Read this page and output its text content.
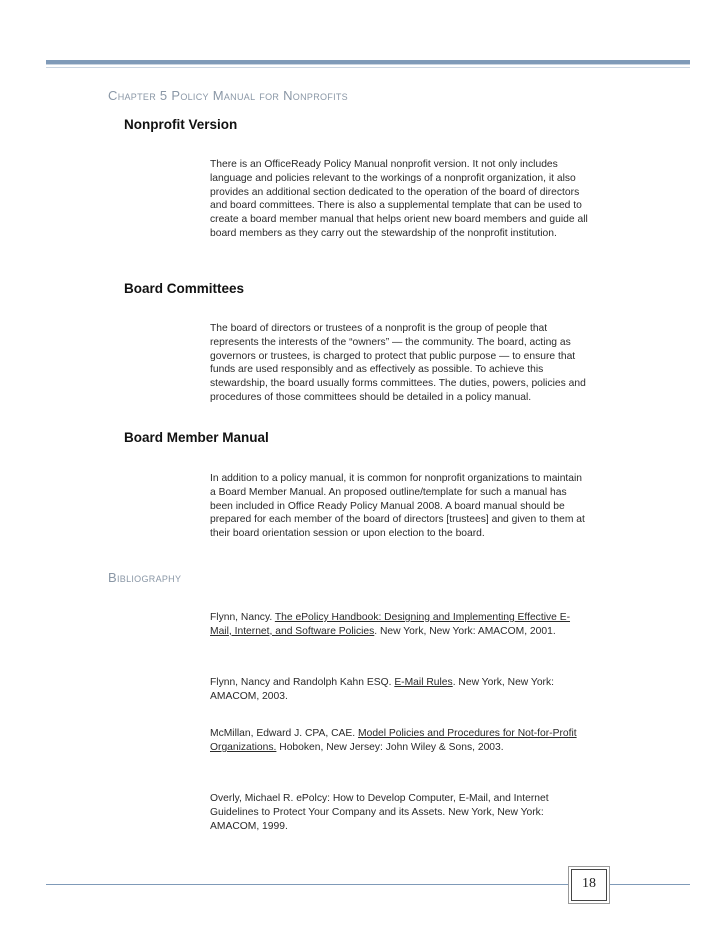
Chapter 5 Policy Manual for Nonprofits
Nonprofit Version
There is an OfficeReady Policy Manual nonprofit version. It not only includes language and policies relevant to the workings of a nonprofit organization, it also provides an additional section dedicated to the operation of the board of directors and board committees. There is also a supplemental template that can be used to create a board member manual that helps orient new board members and guide all board members as they carry out the stewardship of the nonprofit institution.
Board Committees
The board of directors or trustees of a nonprofit is the group of people that represents the interests of the “owners” — the community. The board, acting as governors or trustees, is charged to protect that public purpose — to ensure that funds are used responsibly and as effectively as possible. To achieve this stewardship, the board usually forms committees. The duties, powers, policies and procedures of those committees should be detailed in a policy manual.
Board Member Manual
In addition to a policy manual, it is common for nonprofit organizations to maintain a Board Member Manual. An proposed outline/template for such a manual has been included in Office Ready Policy Manual 2008. A board manual should be prepared for each member of the board of directors [trustees] and given to them at their board orientation session or upon election to the board.
Bibliography
Flynn, Nancy. The ePolicy Handbook: Designing and Implementing Effective E-Mail, Internet, and Software Policies. New York, New York: AMACOM, 2001.
Flynn, Nancy and Randolph Kahn ESQ. E-Mail Rules. New York, New York: AMACOM, 2003.
McMillan, Edward J. CPA, CAE. Model Policies and Procedures for Not-for-Profit Organizations. Hoboken, New Jersey: John Wiley & Sons, 2003.
Overly, Michael R. ePolcy: How to Develop Computer, E-Mail, and Internet Guidelines to Protect Your Company and its Assets. New York, New York: AMACOM, 1999.
18
